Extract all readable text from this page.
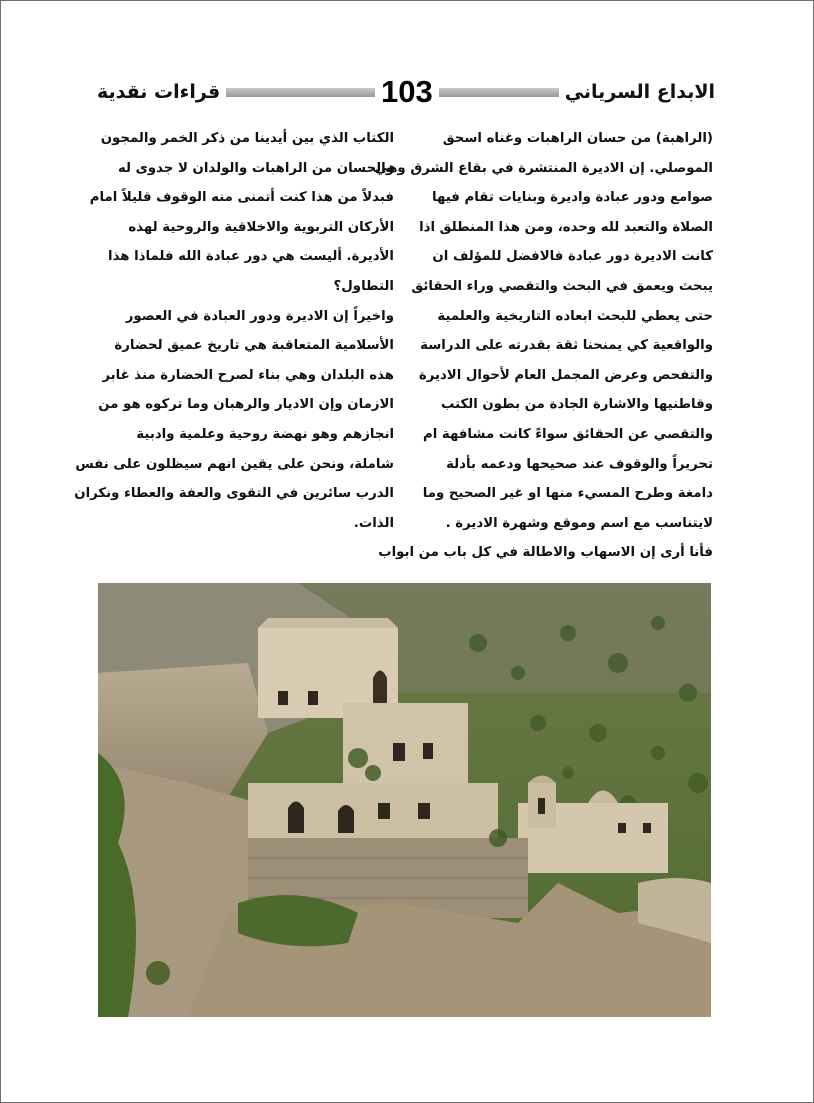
قراءات نقدية	103	الابداع السرياني
(الراهبة) من حسان الراهبات وغناه اسحق
الموصلي. إن الاديرة المنتشرة في بقاع الشرق وهي
صوامع ودور عبادة واديرة وبنايات تقام فيها
الصلاة والتعبد لله وحده، ومن هذا المنطلق اذا
كانت الاديرة دور عبادة فالافضل للمؤلف ان
يبحث ويعمق في البحث والتقصي وراء الحقائق
حتى يعطي للبحث ابعاده التاريخية والعلمية
والواقعية كي يمنحنا ثقة بقدرته على الدراسة
والتفحص وعرض المجمل العام لأحوال الاديرة
وقاطنيها والاشارة الجادة من بطون الكتب
والتقصي عن الحقائق سواءً كانت مشافهة ام
تحريراً والوقوف عند صحيحها ودعمه بأدلة
دامغة وطرح المسيء منها او غير الصحيح وما
لايتناسب مع اسم وموقع وشهرة الاديرة .
فأنا أرى إن الاسهاب والاطالة في كل باب من ابواب
الكتاب الذي بين أيدينا من ذكر الخمر والمجون
والحسان من الراهبات والولدان لا جدوى له
فبدلاً من هذا كنت أتمنى منه الوقوف قليلاً امام
الأركان التربوية والاخلاقية والروحية لهذه
الأديرة. أليست هي دور عبادة الله فلماذا هذا
التطاول؟
واخيراً إن الاديرة ودور العبادة في العصور
الأسلامية المتعاقبة هي تاريخ عميق لحضارة
هذه البلدان وهي بناء لصرح الحضارة منذ غابر
الازمان وإن الاديار والرهبان وما تركوه هو من
انجازهم وهو نهضة روحية وعلمية وادبية
شاملة، ونحن على يقين انهم سيظلون على نفس
الدرب سائرين في التقوى والعفة والعطاء ونكران
الذات.
